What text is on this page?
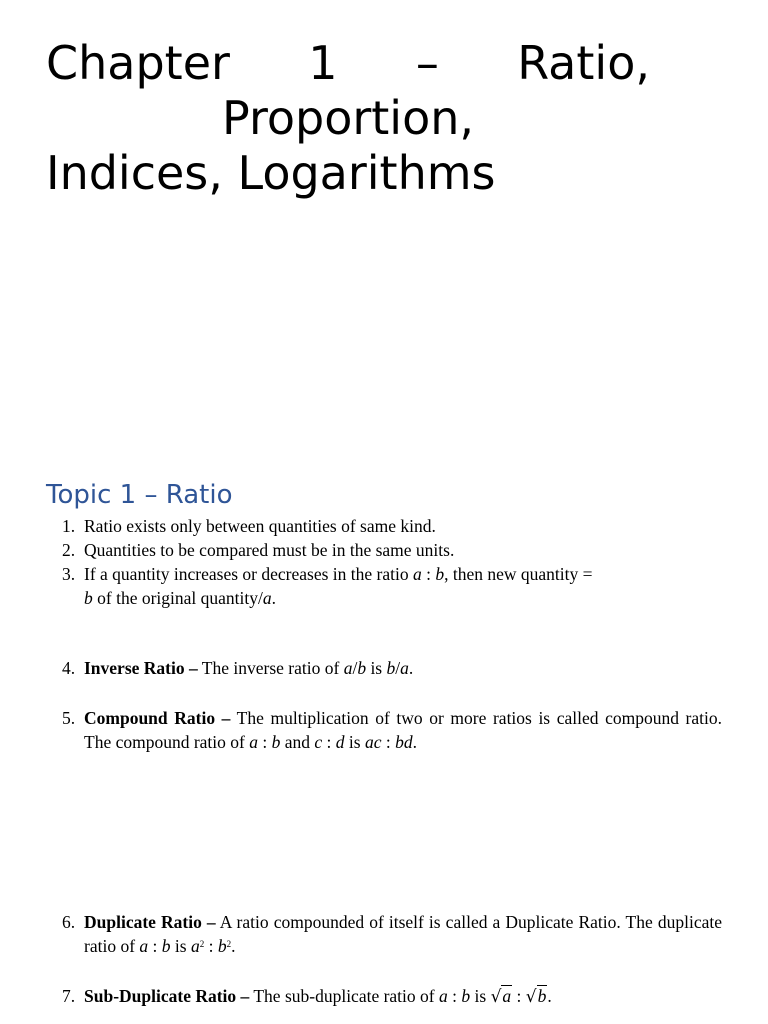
Chapter 1 – Ratio,
Proportion,
Indices, Logarithms
Topic 1 – Ratio
1. Ratio exists only between quantities of same kind.
2. Quantities to be compared must be in the same units.
3. If a quantity increases or decreases in the ratio a : b, then new quantity =
b of the original quantity/a.
4. Inverse Ratio – The inverse ratio of a/b is b/a.
5. Compound Ratio – The multiplication of two or more ratios is called compound ratio. The compound ratio of a : b and c : d is ac : bd.
6. Duplicate Ratio – A ratio compounded of itself is called a Duplicate Ratio. The duplicate ratio of a : b is $a^2$ : $b^2$.
7. Sub-Duplicate Ratio – The sub-duplicate ratio of a : b is √a : √b.
